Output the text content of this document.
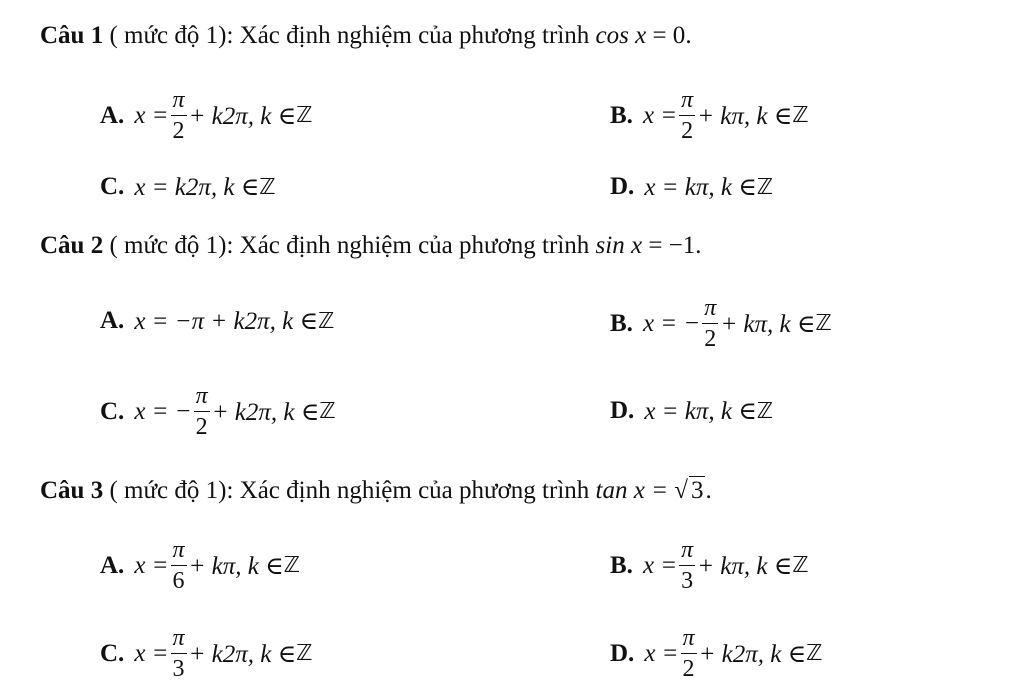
Câu 1 ( mức độ 1): Xác định nghiệm của phương trình cos x = 0.
A. $x = \frac{\pi}{2} + k2\pi$, k ∈ ℤ	B. $x = \frac{\pi}{2} + k\pi$, k ∈ ℤ
C. x = k2π, k ∈ ℤ	D. x = kπ, k ∈ ℤ
Câu 2 ( mức độ 1): Xác định nghiệm của phương trình sin x = −1.
A. x = −π + k2π, k ∈ ℤ	B. x = − $\frac{\pi}{2} + k\pi$, k ∈ ℤ
C. x = − $\frac{\pi}{2} + k2\pi$, k ∈ ℤ	D. x = kπ, k ∈ ℤ
Câu 3 ( mức độ 1): Xác định nghiệm của phương trình tan x = √ 3.
A. $x = \frac{\pi}{6} + k\pi$, k ∈ ℤ	B. $x = \frac{\pi}{3} + k\pi$, k ∈ ℤ
C. $x = \frac{\pi}{3} + k2\pi$, k ∈ ℤ	D. $x = \frac{\pi}{2} + k2\pi$, k ∈ ℤ
